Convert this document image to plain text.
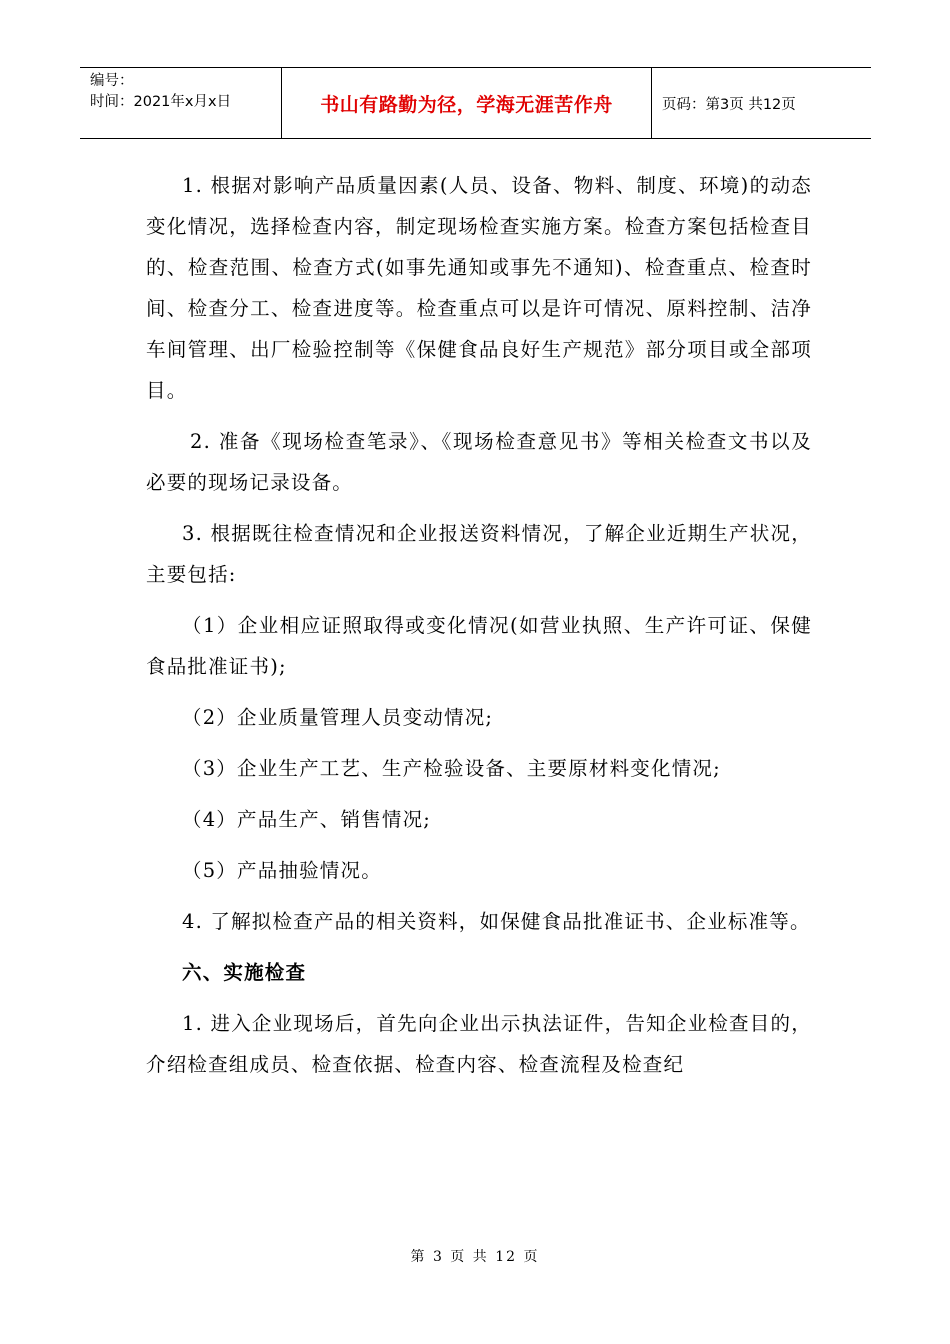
编号：
时间：2021年x月x日	书山有路勤为径，学海无涯苦作舟	页码：第3页 共12页

1. 根据对影响产品质量因素(人员、设备、物料、制度、环境)的动态变化情况，选择检查内容，制定现场检查实施方案。检查方案包括检查目的、检查范围、检查方式(如事先通知或事先不通知)、检查重点、检查时间、检查分工、检查进度等。检查重点可以是许可情况、原料控制、洁净车间管理、出厂检验控制等《保健食品良好生产规范》部分项目或全部项目。

2. 准备《现场检查笔录》、《现场检查意见书》等相关检查文书以及必要的现场记录设备。

3. 根据既往检查情况和企业报送资料情况，了解企业近期生产状况，主要包括:

（1）企业相应证照取得或变化情况(如营业执照、生产许可证、保健食品批准证书);

（2）企业质量管理人员变动情况;

（3）企业生产工艺、生产检验设备、主要原材料变化情况;

（4）产品生产、销售情况;

（5）产品抽验情况。

4. 了解拟检查产品的相关资料，如保健食品批准证书、企业标准等。

六、实施检查

1. 进入企业现场后，首先向企业出示执法证件，告知企业检查目的，介绍检查组成员、检查依据、检查内容、检查流程及检查纪

第 3 页 共 12 页
